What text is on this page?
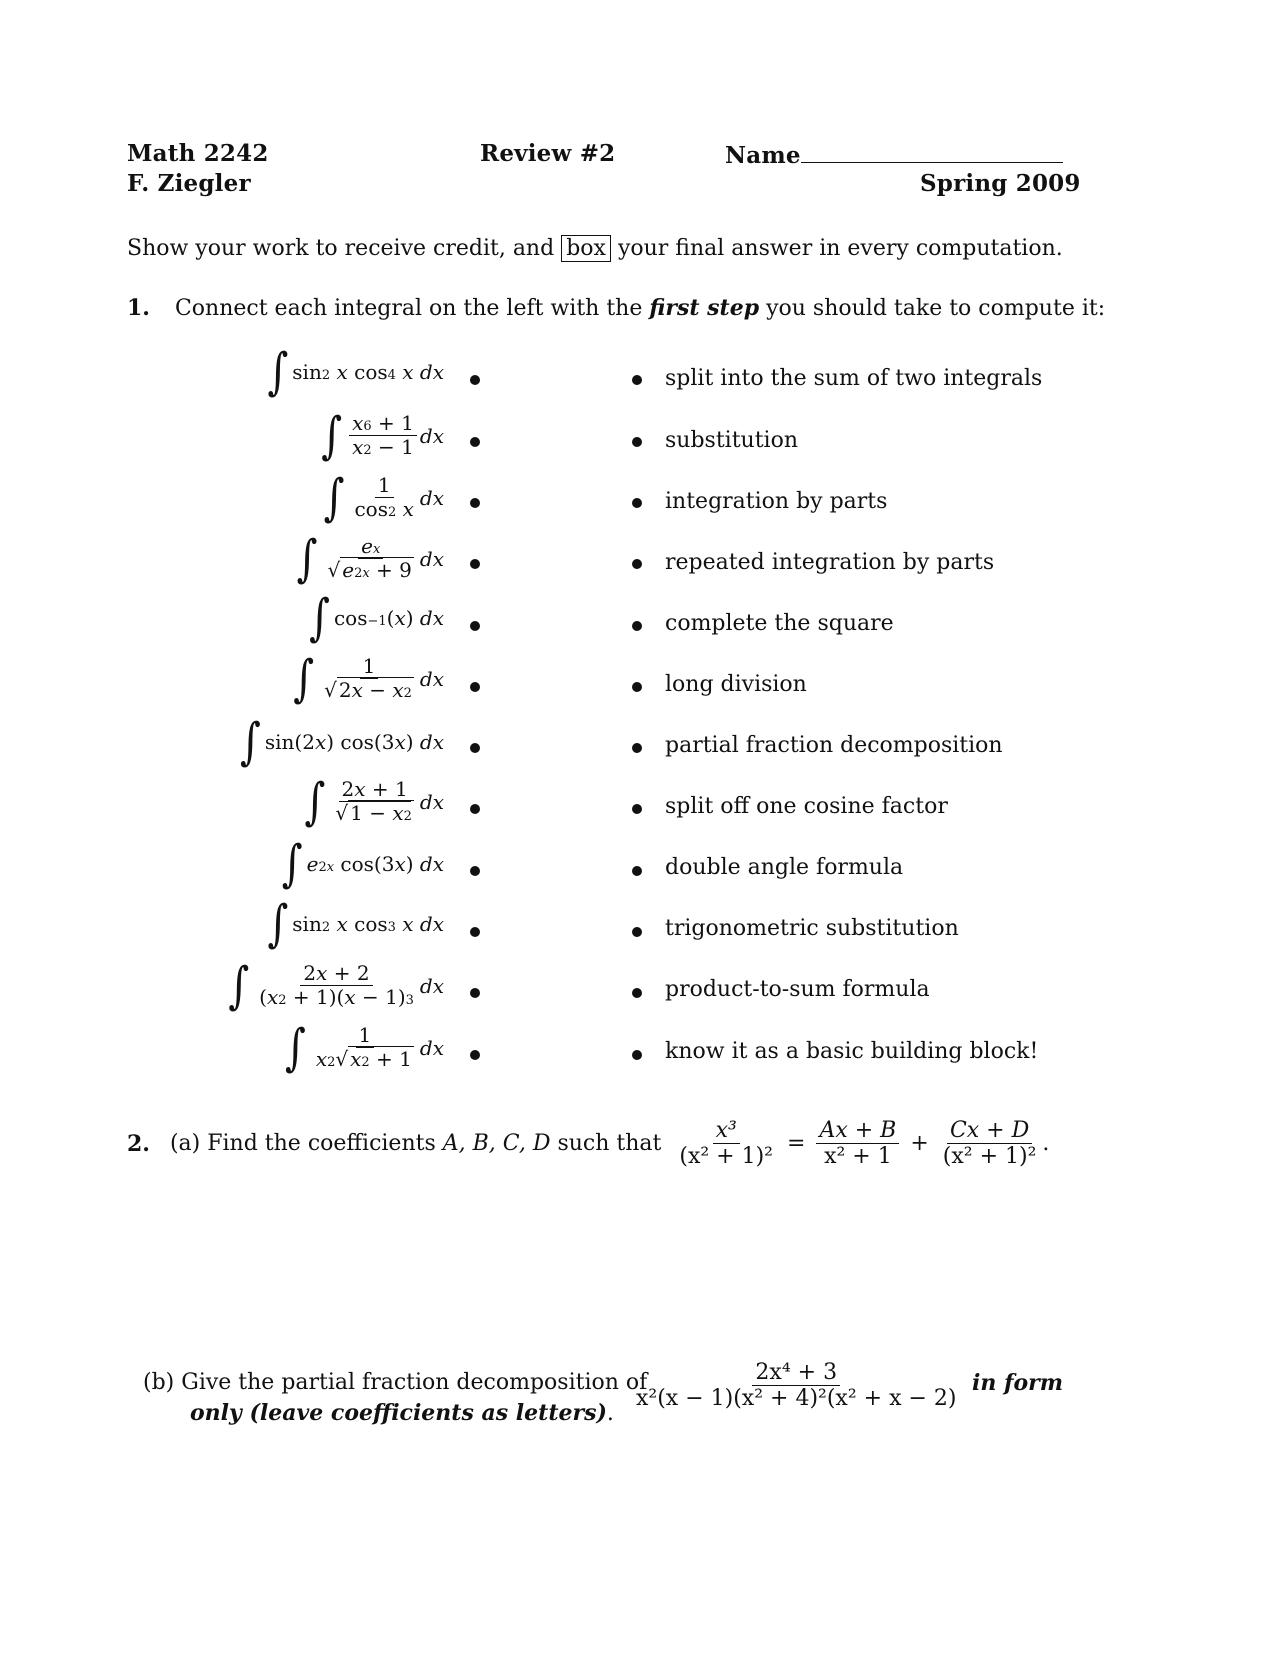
Math 2242
F. Ziegler
Review #2	Name
Spring 2009
Show your work to receive credit, and box your final answer in every computation.
1. Connect each integral on the left with the first step you should take to compute it:
∫ $\sin^2 x$ $\cos^4 x$ dx
∫ $\frac{x^6 + 1}{x^2 - 1}$ dx
∫ $\frac{1}{\cos^2 x}$ dx
∫ $\frac{e^x}{√ e^{2x} + 9}$ dx
∫ $\cos^{-1}(x)$ dx
∫ $\frac{1}{√ 2x - x^2}$ dx
∫ sin(2x) cos(3x) dx
∫ $\frac{2x + 1}{√ 1 - x^2}$ dx
∫ $e^{2x}$ cos(3x) dx
∫ $\sin^2 x$ $\cos^3 x$ dx
∫ $\frac{2x + 2}{(x^2 + 1)(x - 1)^3}$ dx
∫ $\frac{1}{x^2√ x^2 + 1}$ dx
split into the sum of two integrals
substitution
integration by parts
repeated integration by parts
complete the square
long division
partial fraction decomposition
split off one cosine factor
double angle formula
trigonometric substitution
product-to-sum formula
know it as a basic building block!
2. (a) Find the coefficients A, B, C, D such that $\frac{\text{x³}}{\text{(x² + 1)²}} = \frac{Ax + B}{\text{x² + 1}} + \frac{Cx + D}{\text{(x² + 1)²}}$ .
(b) Give the partial fraction decomposition of
only (leave coefficients as letters).
$\frac{\text{2x⁴ + 3}}{\text{x²(x − 1)(x² + 4)²(x² + x − 2)}}$ in form
